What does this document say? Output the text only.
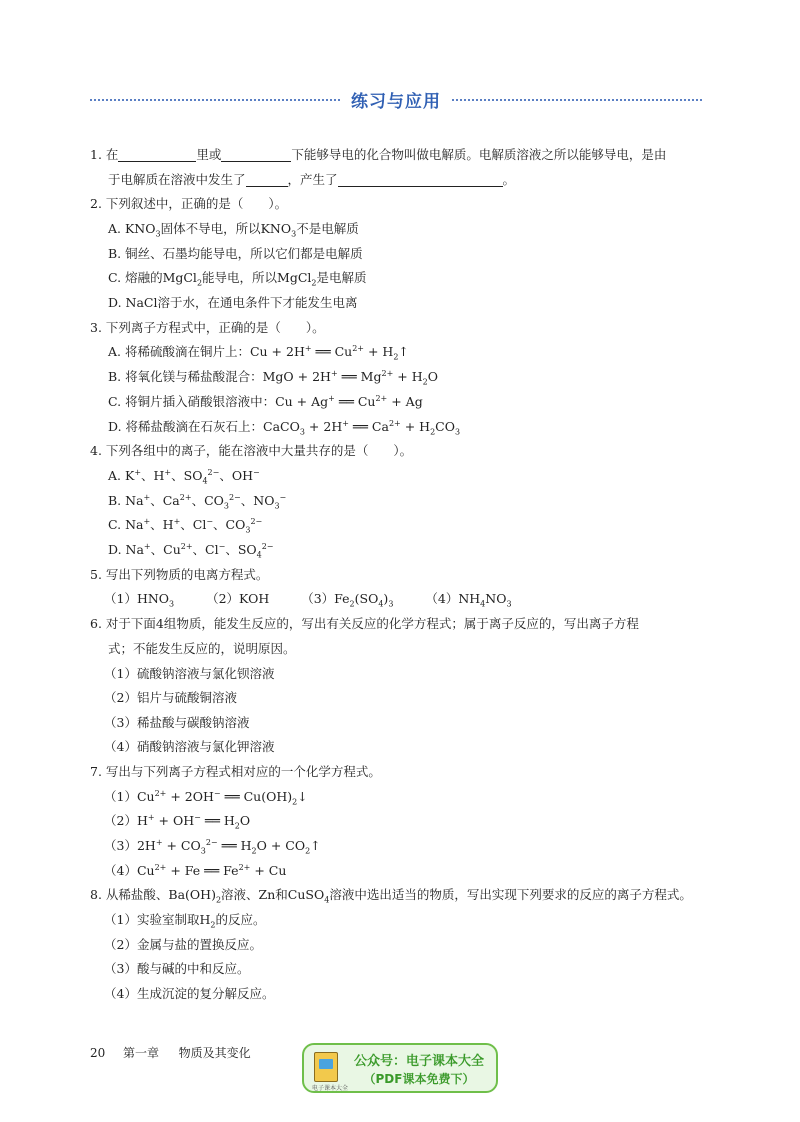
练习与应用
1. 在	里或	下能够导电的化合物叫做电解质。电解质溶液之所以能够导电，是由
于电解质在溶液中发生了	，产生了	。
2. 下列叙述中，正确的是（　　）。
A. $KNO_3$固体不导电，所以$KNO_3$不是电解质
B. 铜丝、石墨均能导电，所以它们都是电解质
C. 熔融的MgCl$_2$能导电，所以MgCl$_2$是电解质
D. NaCl溶于水，在通电条件下才能发生电离
3. 下列离子方程式中，正确的是（　　）。
A. 将稀硫酸滴在铜片上：Cu + 2H+ ══ $Cu^{2+}$ + $H_2↑$
B. 将氧化镁与稀盐酸混合：MgO + 2H+ ══ $Mg^{2+} + H_2O$
C. 将铜片插入硝酸银溶液中：Cu + Ag+ ══ $Cu^{2+} + Ag$
D. 将稀盐酸滴在石灰石上：CaCO$_3$ + 2H+ ══ $Ca^{2+} + H_2CO_3$
4. 下列各组中的离子，能在溶液中大量共存的是（　　）。
A. K+、H+、$SO_4^{2-}$、OH−
B. Na+、$Ca^{2+}$、$CO_3^{2-}$、$NO_3^-$
C. Na+、H+、Cl−、$CO_3^{2-}$
D. Na+、$Cu^{2+}$、Cl−、$SO_4^{2-}$
5. 写出下列物质的电离方程式。
$(1)HNO_3$	（2）KOH	$(3)Fe_2(SO_4)_3$	$(4)NH_4NO_3$
6. 对于下面4组物质，能发生反应的，写出有关反应的化学方程式；属于离子反应的，写出离子方程
式；不能发生反应的，说明原因。
（1）硫酸钠溶液与氯化钡溶液
（2）铝片与硫酸铜溶液
（3）稀盐酸与碳酸钠溶液
（4）硝酸钠溶液与氯化钾溶液
7. 写出与下列离子方程式相对应的一个化学方程式。
$(1)Cu^{2+} + 2OH^-$ ══ $Cu(OH)_2↓$
（2）H+ + OH− ══ $H_2O$
$(3)2H^+ + CO_3^{2-}$ ══ $H_2O$ + $CO_2↑$
$(4)Cu^{2+} + Fe$ ══ $Fe^{2+} + Cu$
8. 从稀盐酸、$Ba(OH)_2$溶液、Zn和CuSO$_4$溶液中选出适当的物质，写出实现下列要求的反应的离子方程式。
（1）实验室制取$H_2$的反应。
（2）金属与盐的置换反应。
（3）酸与碱的中和反应。
（4）生成沉淀的复分解反应。
20 第一章 物质及其变化
电子课本大全
公众号：电子课本大全
（PDF课本免费下）
